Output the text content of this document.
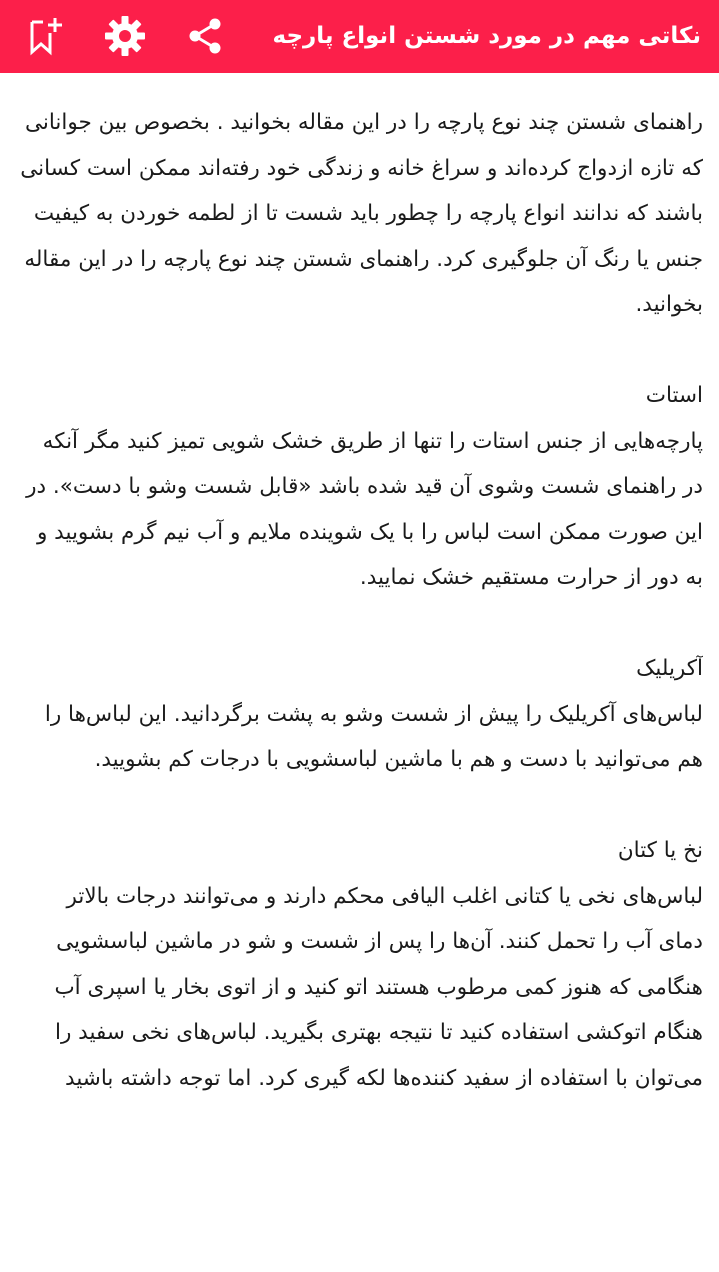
نکاتی مهم در مورد شستن انواع پارچه

راهنمای شستن چند نوع پارچه را در این مقاله بخوانید . بخصوص بین جوانانی که تازه ازدواج کرده‌اند و سراغ خانه و زندگی خود رفته‌اند ممکن است کسانی باشند که ندانند انواع پارچه را چطور باید شست تا از لطمه خوردن به کیفیت جنس یا رنگ آن جلوگیری کرد. راهنمای شستن چند نوع پارچه را در این مقاله بخوانید.

استات

پارچه‌هایی از جنس استات را تنها از طریق خشک شویی تمیز کنید مگر آنکه در راهنمای شست وشوی آن قید شده باشد «قابل شست وشو با دست». در این صورت ممکن است لباس را با یک شوینده ملایم و آب نیم گرم بشویید و به دور از حرارت مستقیم خشک نمایید.

آکریلیک

لباس‌های آکریلیک را پیش از شست وشو به پشت برگردانید. این لباس‌ها را هم می‌توانید با دست و هم با ماشین لباسشویی با درجات کم بشویید.

نخ یا کتان

لباس‌های نخی یا کتانی اغلب الیافی محکم دارند و می‌توانند درجات بالاتر دمای آب را تحمل کنند. آن‌ها را پس از شست و شو در ماشین لباسشویی هنگامی که هنوز کمی مرطوب هستند اتو کنید و از اتوی بخار یا اسپری آب هنگام اتوکشی استفاده کنید تا نتیجه بهتری بگیرید. لباس‌های نخی سفید را می‌توان با استفاده از سفید کننده‌ها لکه گیری کرد. اما توجه داشته باشید
